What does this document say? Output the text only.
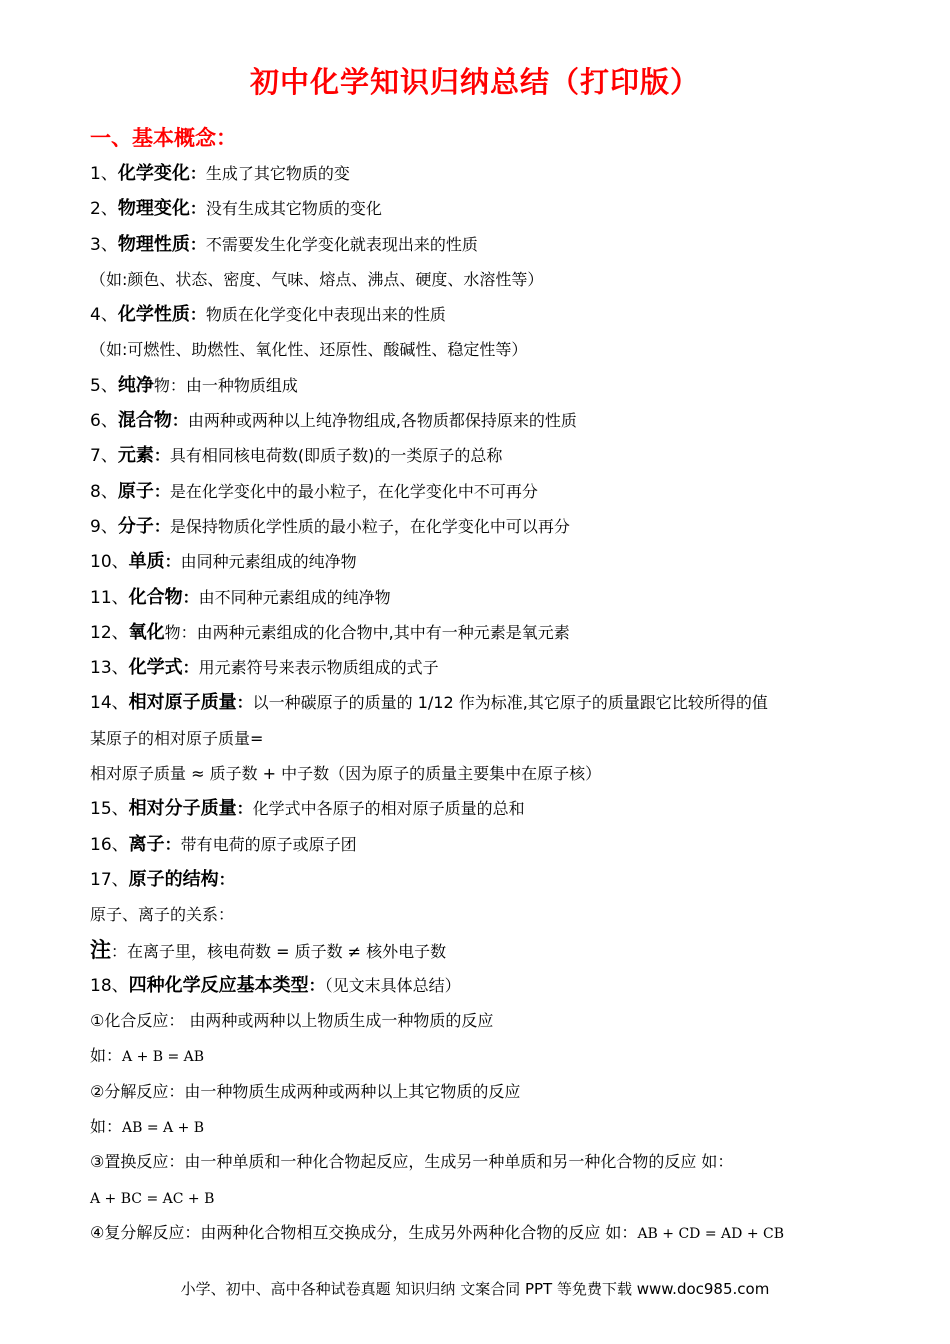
初中化学知识归纳总结（打印版）
一、基本概念：
1、化学变化：生成了其它物质的变
2、物理变化：没有生成其它物质的变化
3、物理性质：不需要发生化学变化就表现出来的性质
（如:颜色、状态、密度、气味、熔点、沸点、硬度、水溶性等）
4、化学性质：物质在化学变化中表现出来的性质
（如:可燃性、助燃性、氧化性、还原性、酸碱性、稳定性等）
5、纯净物：由一种物质组成
6、混合物：由两种或两种以上纯净物组成,各物质都保持原来的性质
7、元素：具有相同核电荷数(即质子数)的一类原子的总称
8、原子：是在化学变化中的最小粒子，在化学变化中不可再分
9、分子：是保持物质化学性质的最小粒子，在化学变化中可以再分
10、单质：由同种元素组成的纯净物
11、化合物：由不同种元素组成的纯净物
12、氧化物：由两种元素组成的化合物中,其中有一种元素是氧元素
13、化学式：用元素符号来表示物质组成的式子
14、相对原子质量：以一种碳原子的质量的 1/12 作为标准,其它原子的质量跟它比较所得的值
某原子的相对原子质量=
相对原子质量 ≈ 质子数 + 中子数（因为原子的质量主要集中在原子核）
15、相对分子质量：化学式中各原子的相对原子质量的总和
16、离子：带有电荷的原子或原子团
17、原子的结构：
原子、离子的关系：
注：在离子里，核电荷数 = 质子数 ≠ 核外电子数
18、四种化学反应基本类型：（见文末具体总结）
①化合反应： 由两种或两种以上物质生成一种物质的反应
如：A + B = AB
②分解反应：由一种物质生成两种或两种以上其它物质的反应
如：AB = A + B
③置换反应：由一种单质和一种化合物起反应，生成另一种单质和另一种化合物的反应 如：
A + BC = AC + B
④复分解反应：由两种化合物相互交换成分，生成另外两种化合物的反应 如：AB + CD = AD + CB
小学、初中、高中各种试卷真题 知识归纳 文案合同 PPT 等免费下载 www.doc985.com
